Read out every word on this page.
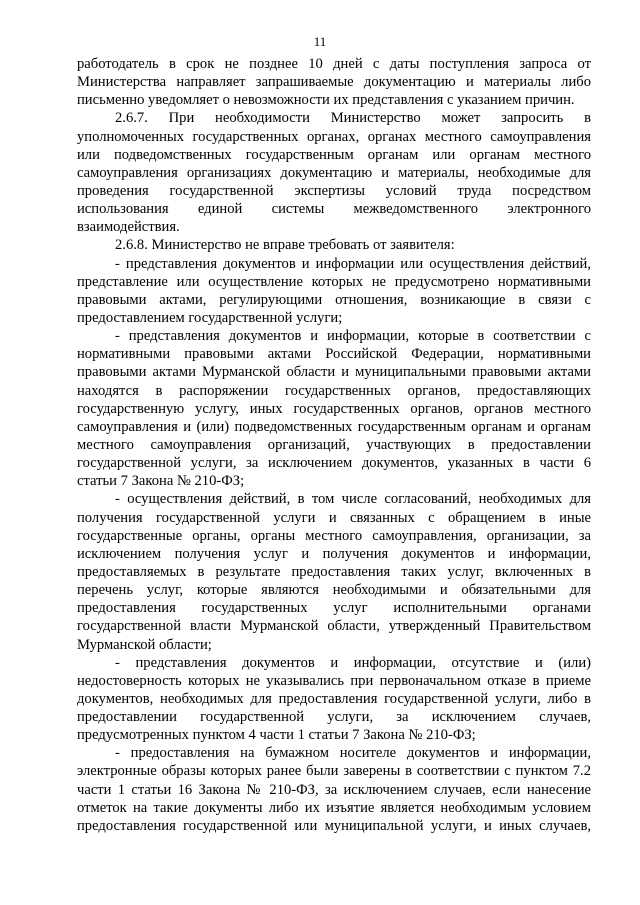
11
работодатель в срок не позднее 10 дней с даты поступления запроса от
Министерства направляет запрашиваемые документацию и материалы либо
письменно уведомляет о невозможности их представления с указанием причин.
2.6.7. При необходимости Министерство может запросить в
уполномоченных государственных органах, органах местного самоуправления
или подведомственных государственным органам или органам местного
самоуправления организациях документацию и материалы, необходимые для
проведения государственной экспертизы условий труда посредством
использования единой системы межведомственного электронного
взаимодействия.
2.6.8. Министерство не вправе требовать от заявителя:
- представления документов и информации или осуществления действий,
представление или осуществление которых не предусмотрено нормативными
правовыми актами, регулирующими отношения, возникающие в связи с
предоставлением государственной услуги;
- представления документов и информации, которые в соответствии с
нормативными правовыми актами Российской Федерации, нормативными
правовыми актами Мурманской области и муниципальными правовыми актами
находятся в распоряжении государственных органов, предоставляющих
государственную услугу, иных государственных органов, органов местного
самоуправления и (или) подведомственных государственным органам и органам
местного самоуправления организаций, участвующих в предоставлении
государственной услуги, за исключением документов, указанных в части 6
статьи 7 Закона № 210-ФЗ;
- осуществления действий, в том числе согласований, необходимых для
получения государственной услуги и связанных с обращением в иные
государственные органы, органы местного самоуправления, организации, за
исключением получения услуг и получения документов и информации,
предоставляемых в результате предоставления таких услуг, включенных в
перечень услуг, которые являются необходимыми и обязательными для
предоставления государственных услуг исполнительными органами
государственной власти Мурманской области, утвержденный Правительством
Мурманской области;
- представления документов и информации, отсутствие и (или)
недостоверность которых не указывались при первоначальном отказе в приеме
документов, необходимых для предоставления государственной услуги, либо в
предоставлении государственной услуги, за исключением случаев,
предусмотренных пунктом 4 части 1 статьи 7 Закона № 210-ФЗ;
- предоставления на бумажном носителе документов и информации,
электронные образы которых ранее были заверены в соответствии с пунктом 7.2
части 1 статьи 16 Закона № 210-ФЗ, за исключением случаев, если нанесение
отметок на такие документы либо их изъятие является необходимым условием
предоставления государственной или муниципальной услуги, и иных случаев,
